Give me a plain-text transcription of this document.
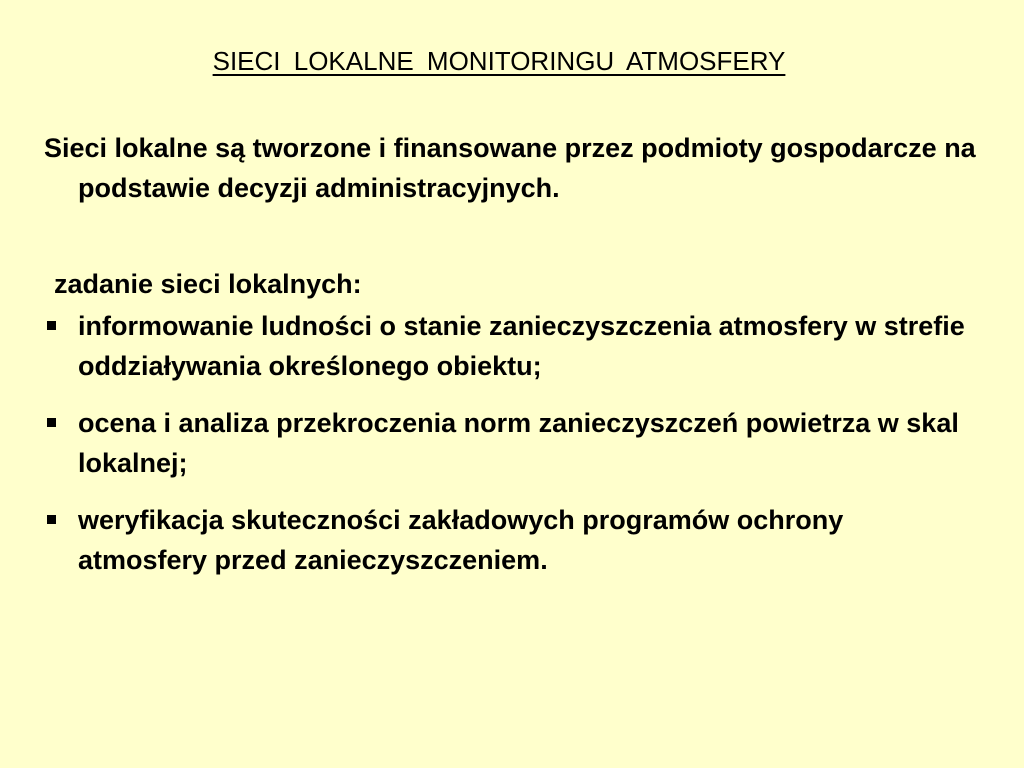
SIECI LOKALNE MONITORINGU ATMOSFERY
Sieci lokalne są tworzone i finansowane przez podmioty gospodarcze na podstawie decyzji administracyjnych.
zadanie sieci lokalnych:
informowanie ludności o stanie zanieczyszczenia atmosfery w strefie oddziaływania określonego obiektu;
ocena i analiza przekroczenia norm zanieczyszczeń powietrza w skal lokalnej;
weryfikacja skuteczności zakładowych programów ochrony atmosfery przed zanieczyszczeniem.
